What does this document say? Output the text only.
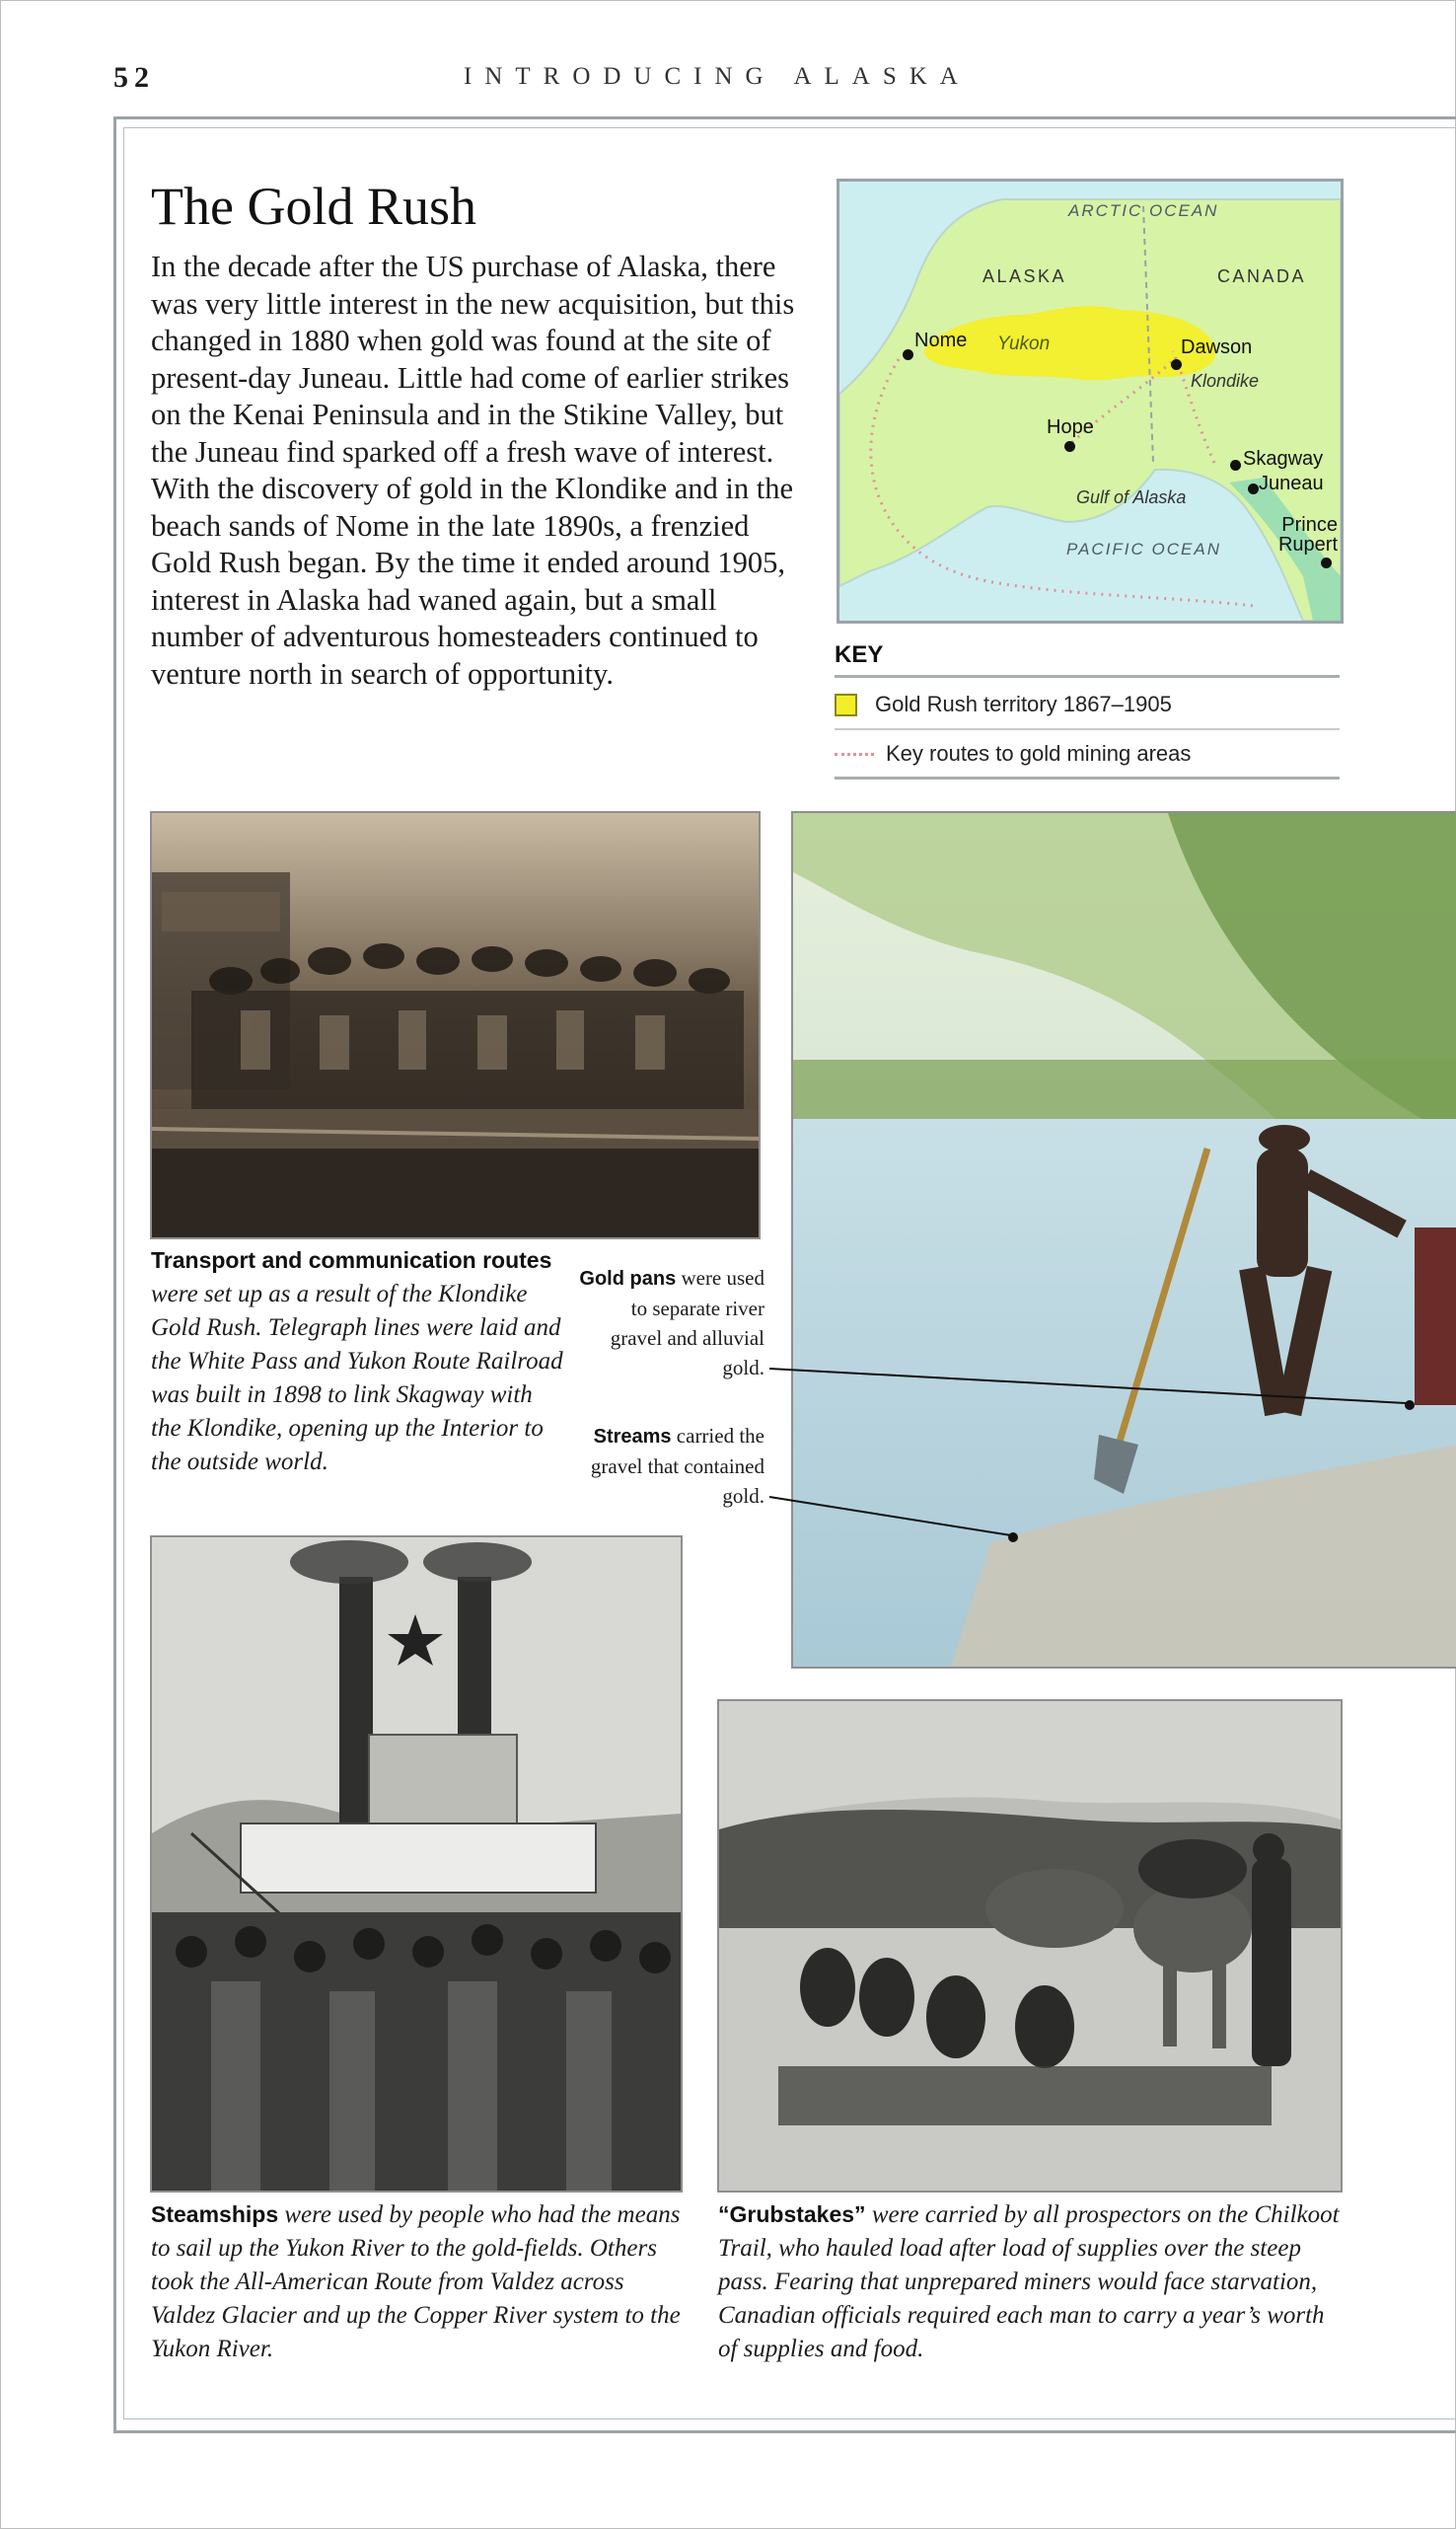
52	INTRODUCING ALASKA
The Gold Rush

In the decade after the US purchase of Alaska, there was very little interest in the new acquisition, but this changed in 1880 when gold was found at the site of present-day Juneau. Little had come of earlier strikes on the Kenai Peninsula and in the Stikine Valley, but the Juneau find sparked off a fresh wave of interest. With the discovery of gold in the Klondike and in the beach sands of Nome in the late 1890s, a frenzied Gold Rush began. By the time it ended around 1905, interest in Alaska had waned again, but a small number of adventurous homesteaders continued to venture north in search of opportunity.

ARCTIC OCEAN
ALASKA	CANADA
Nome Yukon	Dawson
Klondike
Hope
Skagway
Juneau
Gulf of Alaska
Prince Rupert
PACIFIC OCEAN
KEY
Gold Rush territory 1867–1905
Key routes to gold mining areas
Transport and communication routes were set up as a result of the Klondike Gold Rush. Telegraph lines were laid and the White Pass and Yukon Route Railroad was built in 1898 to link Skagway with the Klondike, opening up the Interior to the outside world.
Gold pans were used to separate river gravel and alluvial gold.
Streams carried the gravel that contained gold.
Steamships were used by people who had the means to sail up the Yukon River to the gold-fields. Others took the All-American Route from Valdez across Valdez Glacier and up the Copper River system to the Yukon River.
“Grubstakes” were carried by all prospectors on the Chilkoot Trail, who hauled load after load of supplies over the steep pass. Fearing that unprepared miners would face starvation, Canadian officials required each man to carry a year’s worth of supplies and food.
